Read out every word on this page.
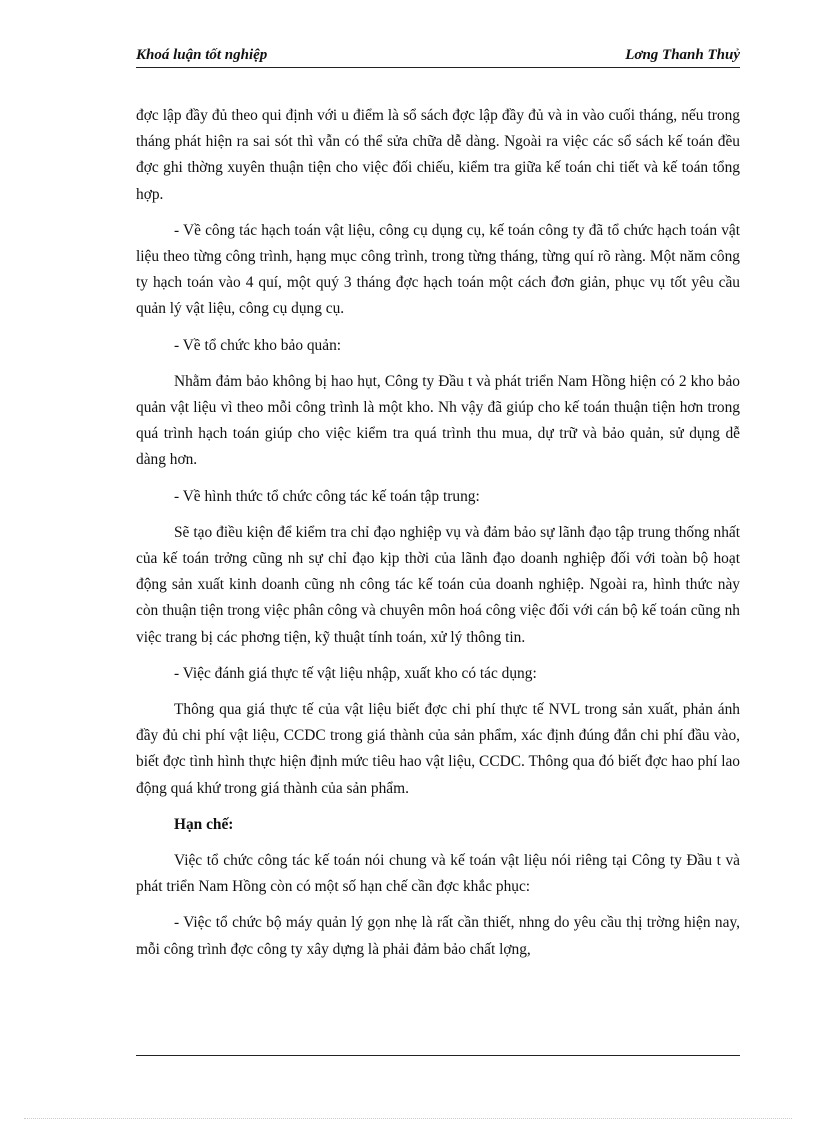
Khoá luận tốt nghiệp	Lơng Thanh Thuỷ

đợc lập đầy đủ theo qui định với u điểm là sổ sách đợc lập đầy đủ và in vào cuối tháng, nếu trong tháng phát hiện ra sai sót thì vẫn có thể sửa chữa dễ dàng. Ngoài ra việc các sổ sách kế toán đều đợc ghi thờng xuyên thuận tiện cho việc đối chiếu, kiểm tra giữa kế toán chi tiết và kế toán tổng hợp.

- Về công tác hạch toán vật liệu, công cụ dụng cụ, kế toán công ty đã tổ chức hạch toán vật liệu theo từng công trình, hạng mục công trình, trong từng tháng, từng quí rõ ràng. Một năm công ty hạch toán vào 4 quí, một quý 3 tháng đợc hạch toán một cách đơn giản, phục vụ tốt yêu cầu quản lý vật liệu, công cụ dụng cụ.

- Về tổ chức kho bảo quản:

Nhằm đảm bảo không bị hao hụt, Công ty Đầu t và phát triển Nam Hồng hiện có 2 kho bảo quản vật liệu vì theo mỗi công trình là một kho. Nh vậy đã giúp cho kế toán thuận tiện hơn trong quá trình hạch toán giúp cho việc kiểm tra quá trình thu mua, dự trữ và bảo quản, sử dụng dễ dàng hơn.

- Về hình thức tổ chức công tác kế toán tập trung:

Sẽ tạo điều kiện để kiểm tra chỉ đạo nghiệp vụ và đảm bảo sự lãnh đạo tập trung thống nhất của kế toán trởng cũng nh sự chỉ đạo kịp thời của lãnh đạo doanh nghiệp đối với toàn bộ hoạt động sản xuất kinh doanh cũng nh công tác kế toán của doanh nghiệp. Ngoài ra, hình thức này còn thuận tiện trong việc phân công và chuyên môn hoá công việc đối với cán bộ kế toán cũng nh việc trang bị các phơng tiện, kỹ thuật tính toán, xử lý thông tin.

- Việc đánh giá thực tế vật liệu nhập, xuất kho có tác dụng:

Thông qua giá thực tế của vật liệu biết đợc chi phí thực tế NVL trong sản xuất, phản ánh đầy đủ chi phí vật liệu, CCDC trong giá thành của sản phẩm, xác định đúng đắn chi phí đầu vào, biết đợc tình hình thực hiện định mức tiêu hao vật liệu, CCDC. Thông qua đó biết đợc hao phí lao động quá khứ trong giá thành của sản phẩm.

Hạn chế:

Việc tổ chức công tác kế toán nói chung và kế toán vật liệu nói riêng tại Công ty Đầu t và phát triển Nam Hồng còn có một số hạn chế cần đợc khắc phục:

- Việc tổ chức bộ máy quản lý gọn nhẹ là rất cần thiết, nhng do yêu cầu thị trờng hiện nay, mỗi công trình đợc công ty xây dựng là phải đảm bảo chất lợng,
